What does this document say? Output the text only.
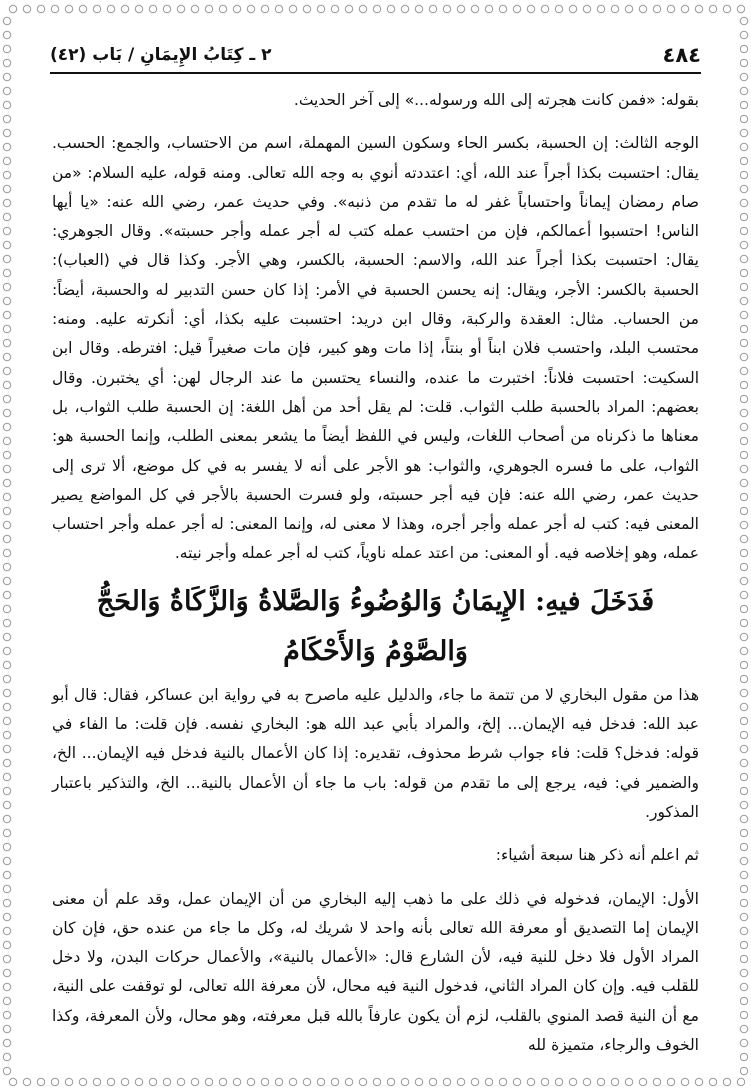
٤٨٤
٢ ـ كِتَابُ الإِيمَانِ / بَاب (٤٢)

بقوله: «فمن كانت هجرته إلى الله ورسوله...» إلى آخر الحديث.

الوجه الثالث: إن الحسبة، بكسر الحاء وسكون السين المهملة، اسم من الاحتساب، والجمع: الحسب. يقال: احتسبت بكذا أجراً عند الله، أي: اعتددته أنوي به وجه الله تعالى. ومنه قوله، عليه السلام: «من صام رمضان إيماناً واحتساباً غفر له ما تقدم من ذنبه». وفي حديث عمر، رضي الله عنه: «يا أيها الناس! احتسبوا أعمالكم، فإن من احتسب عمله كتب له أجر عمله وأجر حسبته». وقال الجوهري: يقال: احتسبت بكذا أجراً عند الله، والاسم: الحسبة، بالكسر، وهي الأجر. وكذا قال في (العباب): الحسبة بالكسر: الأجر، ويقال: إنه يحسن الحسبة في الأمر: إذا كان حسن التدبير له والحسبة، أيضاً: من الحساب. مثال: العقدة والركبة، وقال ابن دريد: احتسبت عليه بكذا، أي: أنكرته عليه. ومنه: محتسب البلد، واحتسب فلان ابناً أو بنتاً، إذا مات وهو كبير، فإن مات صغيراً قيل: افترطه. وقال ابن السكيت: احتسبت فلاناً: اختبرت ما عنده، والنساء يحتسبن ما عند الرجال لهن: أي يختبرن. وقال بعضهم: المراد بالحسبة طلب الثواب. قلت: لم يقل أحد من أهل اللغة: إن الحسبة طلب الثواب، بل معناها ما ذكرناه من أصحاب اللغات، وليس في اللفظ أيضاً ما يشعر بمعنى الطلب، وإنما الحسبة هو: الثواب، على ما فسره الجوهري، والثواب: هو الأجر على أنه لا يفسر به في كل موضع، ألا ترى إلى حديث عمر، رضي الله عنه: فإن فيه أجر حسبته، ولو فسرت الحسبة بالأجر في كل المواضع يصير المعنى فيه: كتب له أجر عمله وأجر أجره، وهذا لا معنى له، وإنما المعنى: له أجر عمله وأجر احتساب عمله، وهو إخلاصه فيه. أو المعنى: من اعتد عمله ناوياً، كتب له أجر عمله وأجر نيته.

فَدَخَلَ فيهِ: الإِيمَانُ وَالوُضُوءُ وَالصَّلاةُ وَالزَّكَاةُ وَالحَجُّ وَالصَّوْمُ وَالأَحْكَامُ

هذا من مقول البخاري لا من تتمة ما جاء، والدليل عليه ماصرح به في رواية ابن عساكر، فقال: قال أبو عبد الله: فدخل فيه الإيمان... إلخ، والمراد بأبي عبد الله هو: البخاري نفسه. فإن قلت: ما الفاء في قوله: فدخل؟ قلت: فاء جواب شرط محذوف، تقديره: إذا كان الأعمال بالنية فدخل فيه الإيمان... الخ، والضمير في: فيه، يرجع إلى ما تقدم من قوله: باب ما جاء أن الأعمال بالنية... الخ، والتذكير باعتبار المذكور.

ثم اعلم أنه ذكر هنا سبعة أشياء:

الأول: الإيمان، فدخوله في ذلك على ما ذهب إليه البخاري من أن الإيمان عمل، وقد علم أن معنى الإيمان إما التصديق أو معرفة الله تعالى بأنه واحد لا شريك له، وكل ما جاء من عنده حق، فإن كان المراد الأول فلا دخل للنية فيه، لأن الشارع قال: «الأعمال بالنية»، والأعمال حركات البدن، ولا دخل للقلب فيه. وإن كان المراد الثاني، فدخول النية فيه محال، لأن معرفة الله تعالى، لو توقفت على النية، مع أن النية قصد المنوي بالقلب، لزم أن يكون عارفاً بالله قبل معرفته، وهو محال، ولأن المعرفة، وكذا الخوف والرجاء، متميزة لله
